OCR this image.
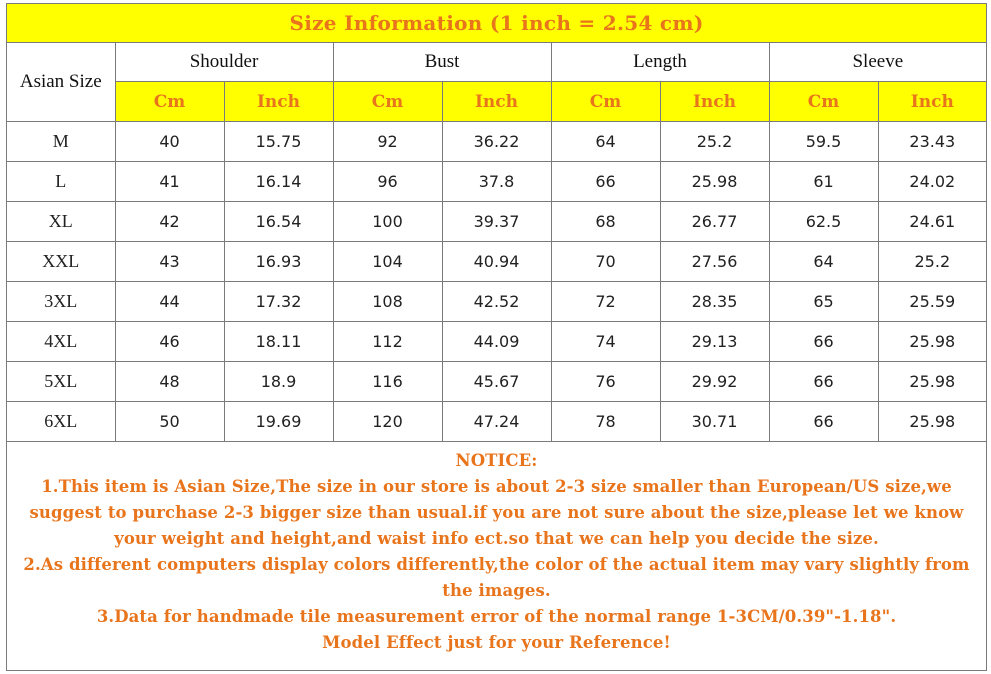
Size Information (1 inch = 2.54 cm)								
Asian Size	Shoulder		Bust		Length		Sleeve	
	Cm	Inch	Cm	Inch	Cm	Inch	Cm	Inch
M	40	15.75	92	36.22	64	25.2	59.5	23.43
L	41	16.14	96	37.8	66	25.98	61	24.02
XL	42	16.54	100	39.37	68	26.77	62.5	24.61
XXL	43	16.93	104	40.94	70	27.56	64	25.2
3XL	44	17.32	108	42.52	72	28.35	65	25.59
4XL	46	18.11	112	44.09	74	29.13	66	25.98
5XL	48	18.9	116	45.67	76	29.92	66	25.98
6XL	50	19.69	120	47.24	78	30.71	66	25.98
NOTICE:
1.This item is Asian Size,The size in our store is about 2-3 size smaller than European/US size,we suggest to purchase 2-3 bigger size than usual.if you are not sure about the size,please let we know your weight and height,and waist info ect.so that we can help you decide the size.
2.As different computers display colors differently,the color of the actual item may vary slightly from the images.
3.Data for handmade tile measurement error of the normal range 1-3CM/0.39"-1.18".
Model Effect just for your Reference!
